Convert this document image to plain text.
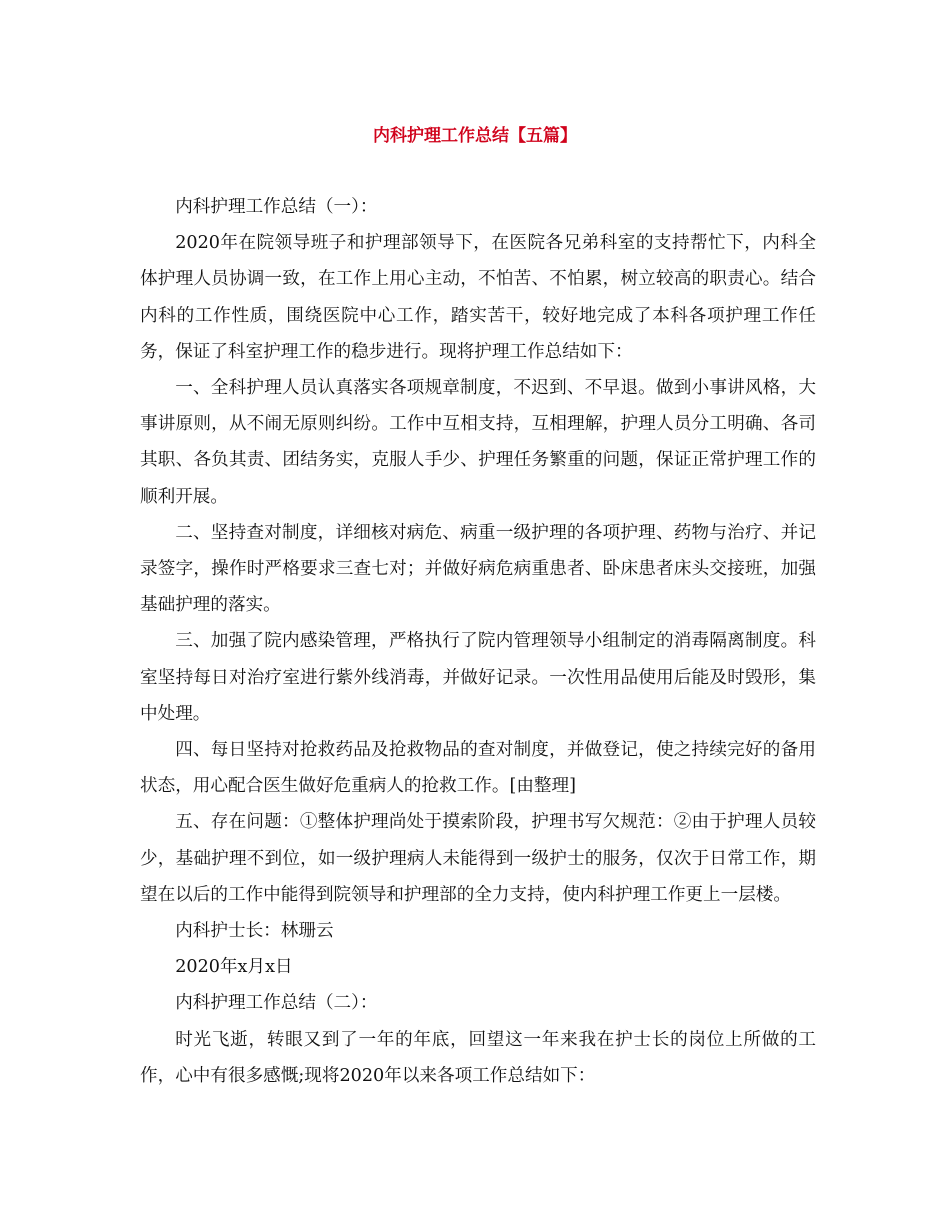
内科护理工作总结【五篇】

内科护理工作总结（一）：

2020年在院领导班子和护理部领导下，在医院各兄弟科室的支持帮忙下，内科全体护理人员协调一致，在工作上用心主动，不怕苦、不怕累，树立较高的职责心。结合内科的工作性质，围绕医院中心工作，踏实苦干，较好地完成了本科各项护理工作任务，保证了科室护理工作的稳步进行。现将护理工作总结如下：

一、全科护理人员认真落实各项规章制度，不迟到、不早退。做到小事讲风格，大事讲原则，从不闹无原则纠纷。工作中互相支持，互相理解，护理人员分工明确、各司其职、各负其责、团结务实，克服人手少、护理任务繁重的问题，保证正常护理工作的顺利开展。

二、坚持查对制度，详细核对病危、病重一级护理的各项护理、药物与治疗、并记录签字，操作时严格要求三查七对；并做好病危病重患者、卧床患者床头交接班，加强基础护理的落实。

三、加强了院内感染管理，严格执行了院内管理领导小组制定的消毒隔离制度。科室坚持每日对治疗室进行紫外线消毒，并做好记录。一次性用品使用后能及时毁形，集中处理。

四、每日坚持对抢救药品及抢救物品的查对制度，并做登记，使之持续完好的备用状态，用心配合医生做好危重病人的抢救工作。[由整理]

五、存在问题：①整体护理尚处于摸索阶段，护理书写欠规范：②由于护理人员较少，基础护理不到位，如一级护理病人未能得到一级护士的服务，仅次于日常工作，期望在以后的工作中能得到院领导和护理部的全力支持，使内科护理工作更上一层楼。

内科护士长：林珊云

2020年x月x日

内科护理工作总结（二）：

时光飞逝，转眼又到了一年的年底，回望这一年来我在护士长的岗位上所做的工作，心中有很多感慨;现将2020年以来各项工作总结如下：
